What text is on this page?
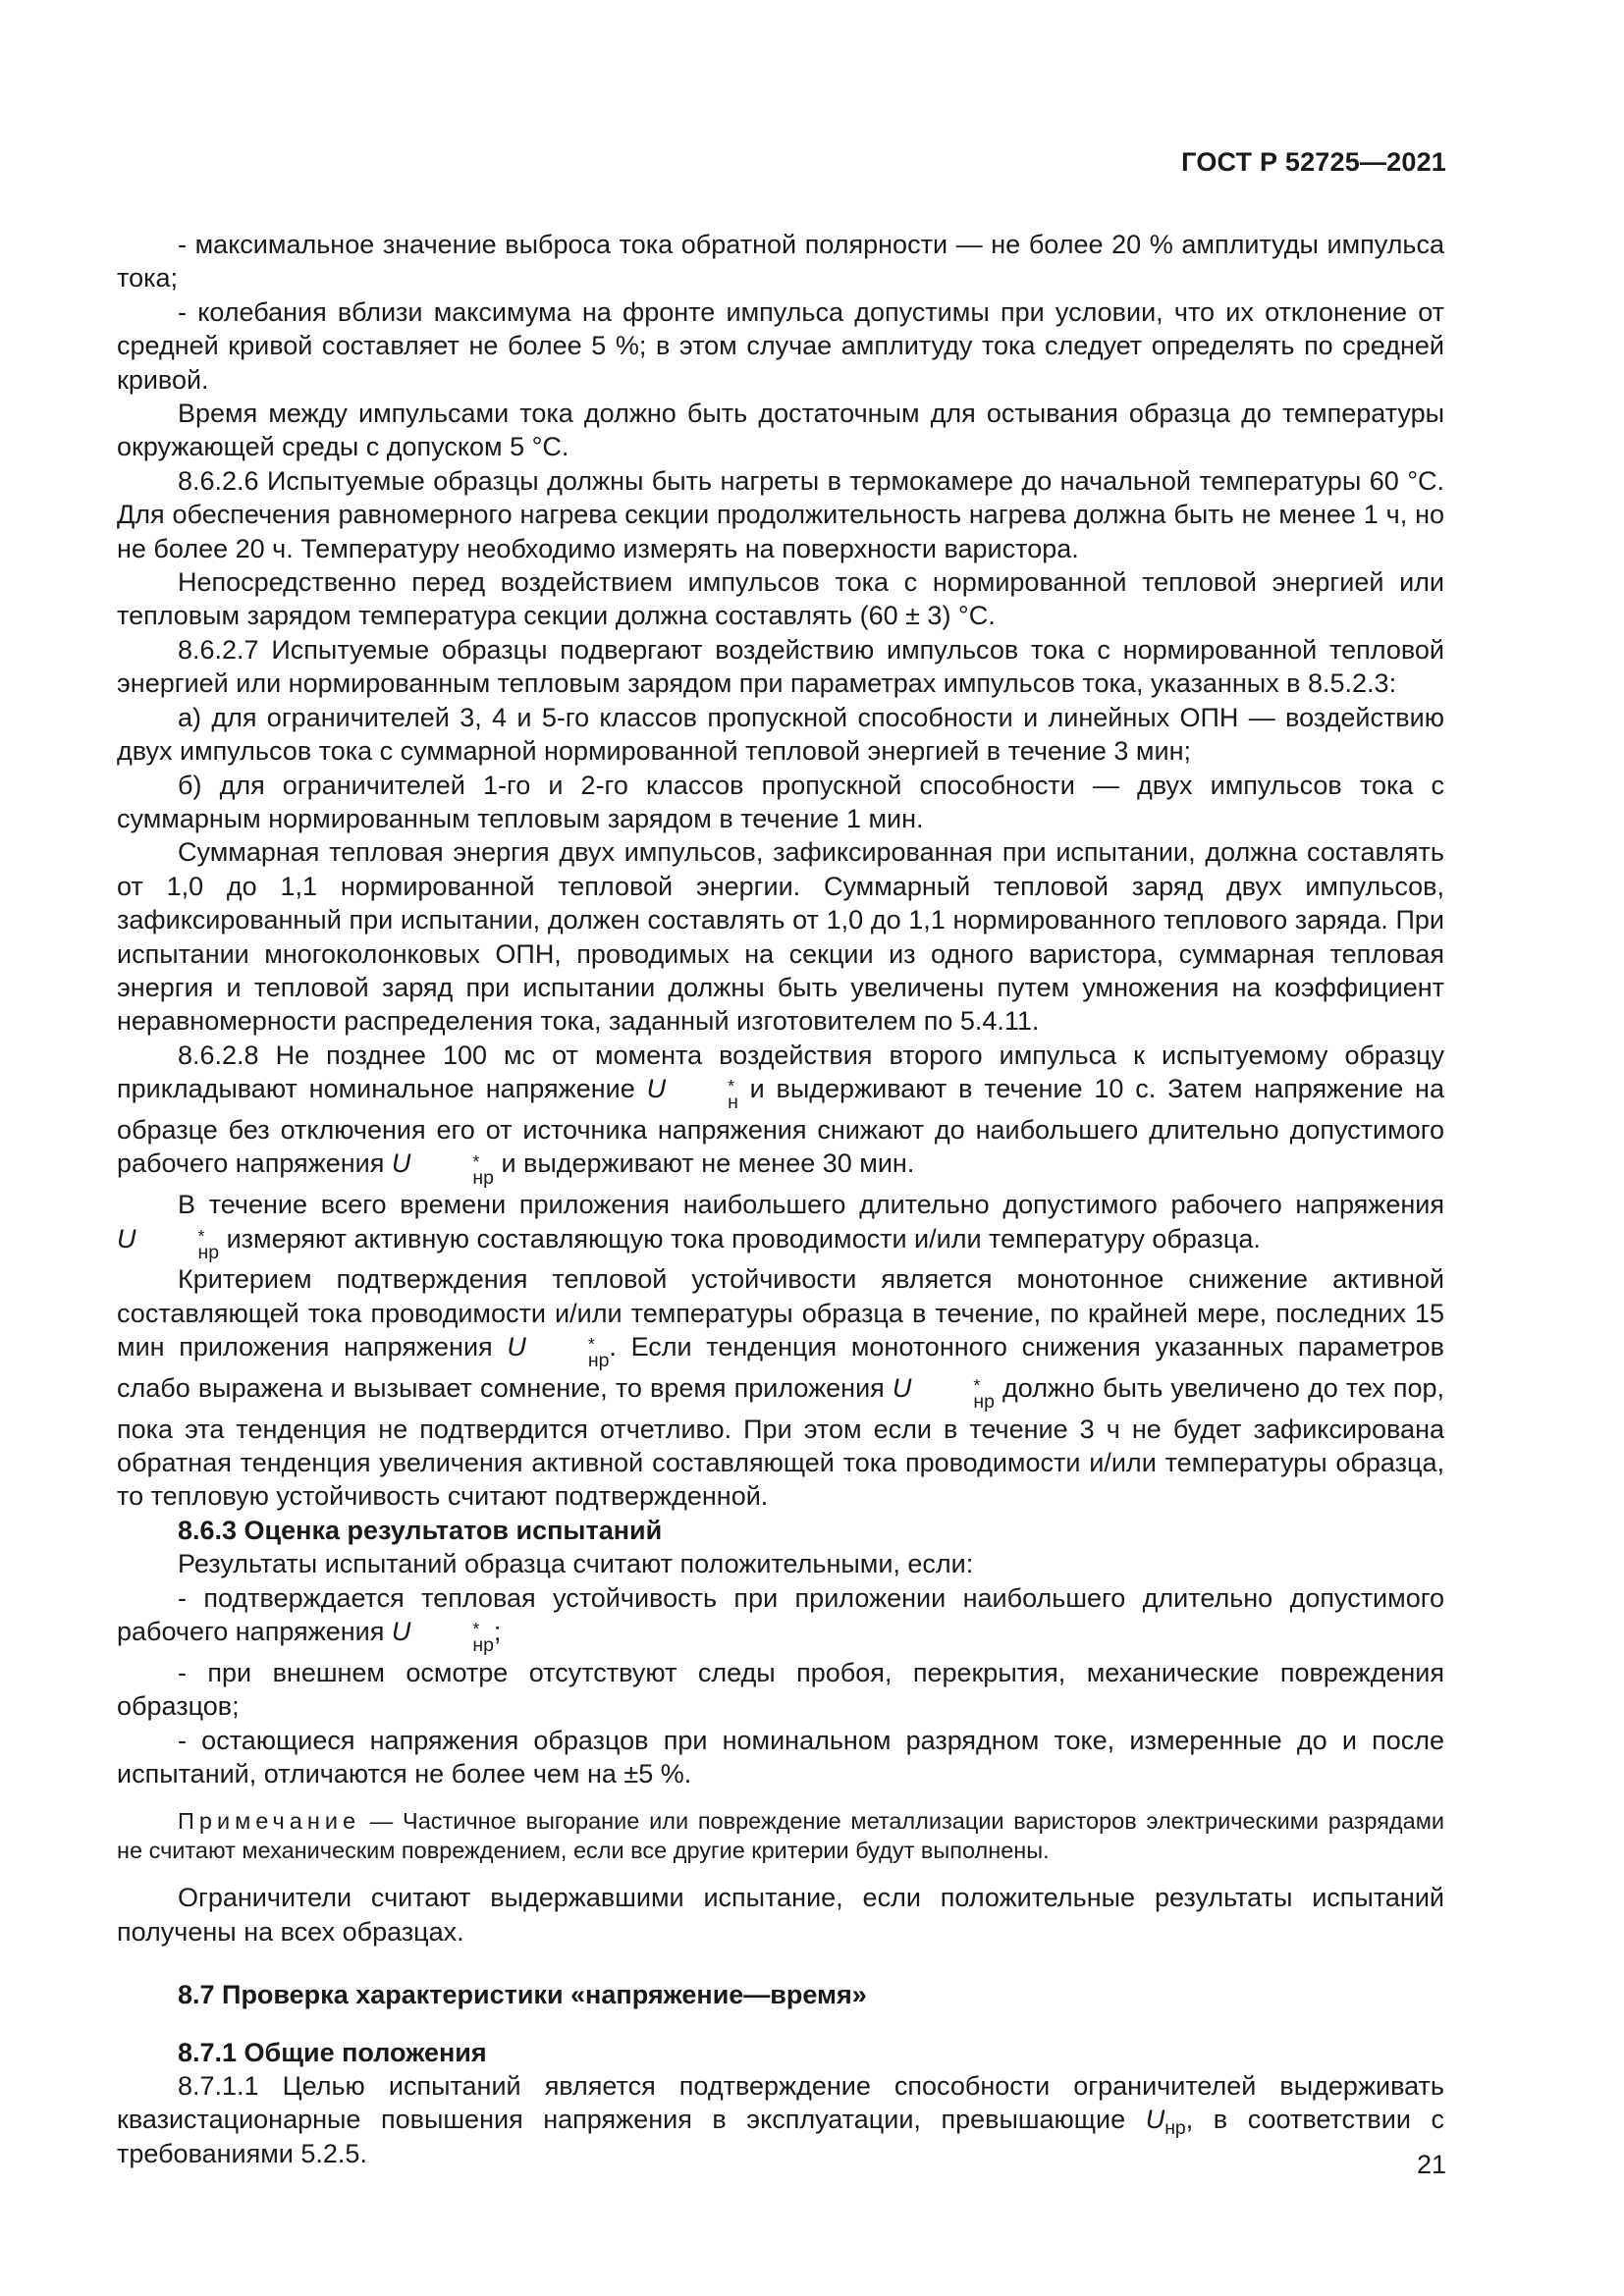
ГОСТ Р 52725—2021

- максимальное значение выброса тока обратной полярности — не более 20 % амплитуды импульса тока;

- колебания вблизи максимума на фронте импульса допустимы при условии, что их отклонение от средней кривой составляет не более 5 %; в этом случае амплитуду тока следует определять по средней кривой.

Время между импульсами тока должно быть достаточным для остывания образца до температуры окружающей среды с допуском 5 °С.

8.6.2.6 Испытуемые образцы должны быть нагреты в термокамере до начальной температуры 60 °С. Для обеспечения равномерного нагрева секции продолжительность нагрева должна быть не менее 1 ч, но не более 20 ч. Температуру необходимо измерять на поверхности варистора.

Непосредственно перед воздействием импульсов тока с нормированной тепловой энергией или тепловым зарядом температура секции должна составлять (60 ± 3) °С.

8.6.2.7 Испытуемые образцы подвергают воздействию импульсов тока с нормированной тепловой энергией или нормированным тепловым зарядом при параметрах импульсов тока, указанных в 8.5.2.3:

а) для ограничителей 3, 4 и 5-го классов пропускной способности и линейных ОПН — воздействию двух импульсов тока с суммарной нормированной тепловой энергией в течение 3 мин;

б) для ограничителей 1-го и 2-го классов пропускной способности — двух импульсов тока с суммарным нормированным тепловым зарядом в течение 1 мин.

Суммарная тепловая энергия двух импульсов, зафиксированная при испытании, должна составлять от 1,0 до 1,1 нормированной тепловой энергии. Суммарный тепловой заряд двух импульсов, зафиксированный при испытании, должен составлять от 1,0 до 1,1 нормированного теплового заряда. При испытании многоколонковых ОПН, проводимых на секции из одного варистора, суммарная тепловая энергия и тепловой заряд при испытании должны быть увеличены путем умножения на коэффициент неравномерности распределения тока, заданный изготовителем по 5.4.11.

8.6.2.8 Не позднее 100 мс от момента воздействия второго импульса к испытуемому образцу прикладывают номинальное напряжение U	*
н и выдерживают в течение 10 с. Затем напряжение на образце без отключения его от источника напряжения снижают до наибольшего длительно допустимого рабочего напряжения U	*
нр и выдерживают не менее 30 мин.

В течение всего времени приложения наибольшего длительно допустимого рабочего напряжения U	*
нр измеряют активную составляющую тока проводимости и/или температуру образца.

Критерием подтверждения тепловой устойчивости является монотонное снижение активной составляющей тока проводимости и/или температуры образца в течение, по крайней мере, последних 15 мин приложения напряжения U	*
нр . Если тенденция монотонного снижения указанных параметров слабо выражена и вызывает сомнение, то время приложения U	*
нр должно быть увеличено до тех пор, пока эта тенденция не подтвердится отчетливо. При этом если в течение 3 ч не будет зафиксирована обратная тенденция увеличения активной составляющей тока проводимости и/или температуры образца, то тепловую устойчивость считают подтвержденной.

8.6.3 Оценка результатов испытаний

Результаты испытаний образца считают положительными, если:

- подтверждается тепловая устойчивость при приложении наибольшего длительно допустимого рабочего напряжения U	*
нр ;

- при внешнем осмотре отсутствуют следы пробоя, перекрытия, механические повреждения образцов;

- остающиеся напряжения образцов при номинальном разрядном токе, измеренные до и после испытаний, отличаются не более чем на ±5 %.

Примечание — Частичное выгорание или повреждение металлизации варисторов электрическими разрядами не считают механическим повреждением, если все другие критерии будут выполнены.

Ограничители считают выдержавшими испытание, если положительные результаты испытаний получены на всех образцах.

8.7 Проверка характеристики «напряжение—время»

8.7.1 Общие положения

8.7.1.1 Целью испытаний является подтверждение способности ограничителей выдерживать квазистационарные повышения напряжения в эксплуатации, превышающие $U_{нр}$, в соответствии с требованиями 5.2.5.	21
